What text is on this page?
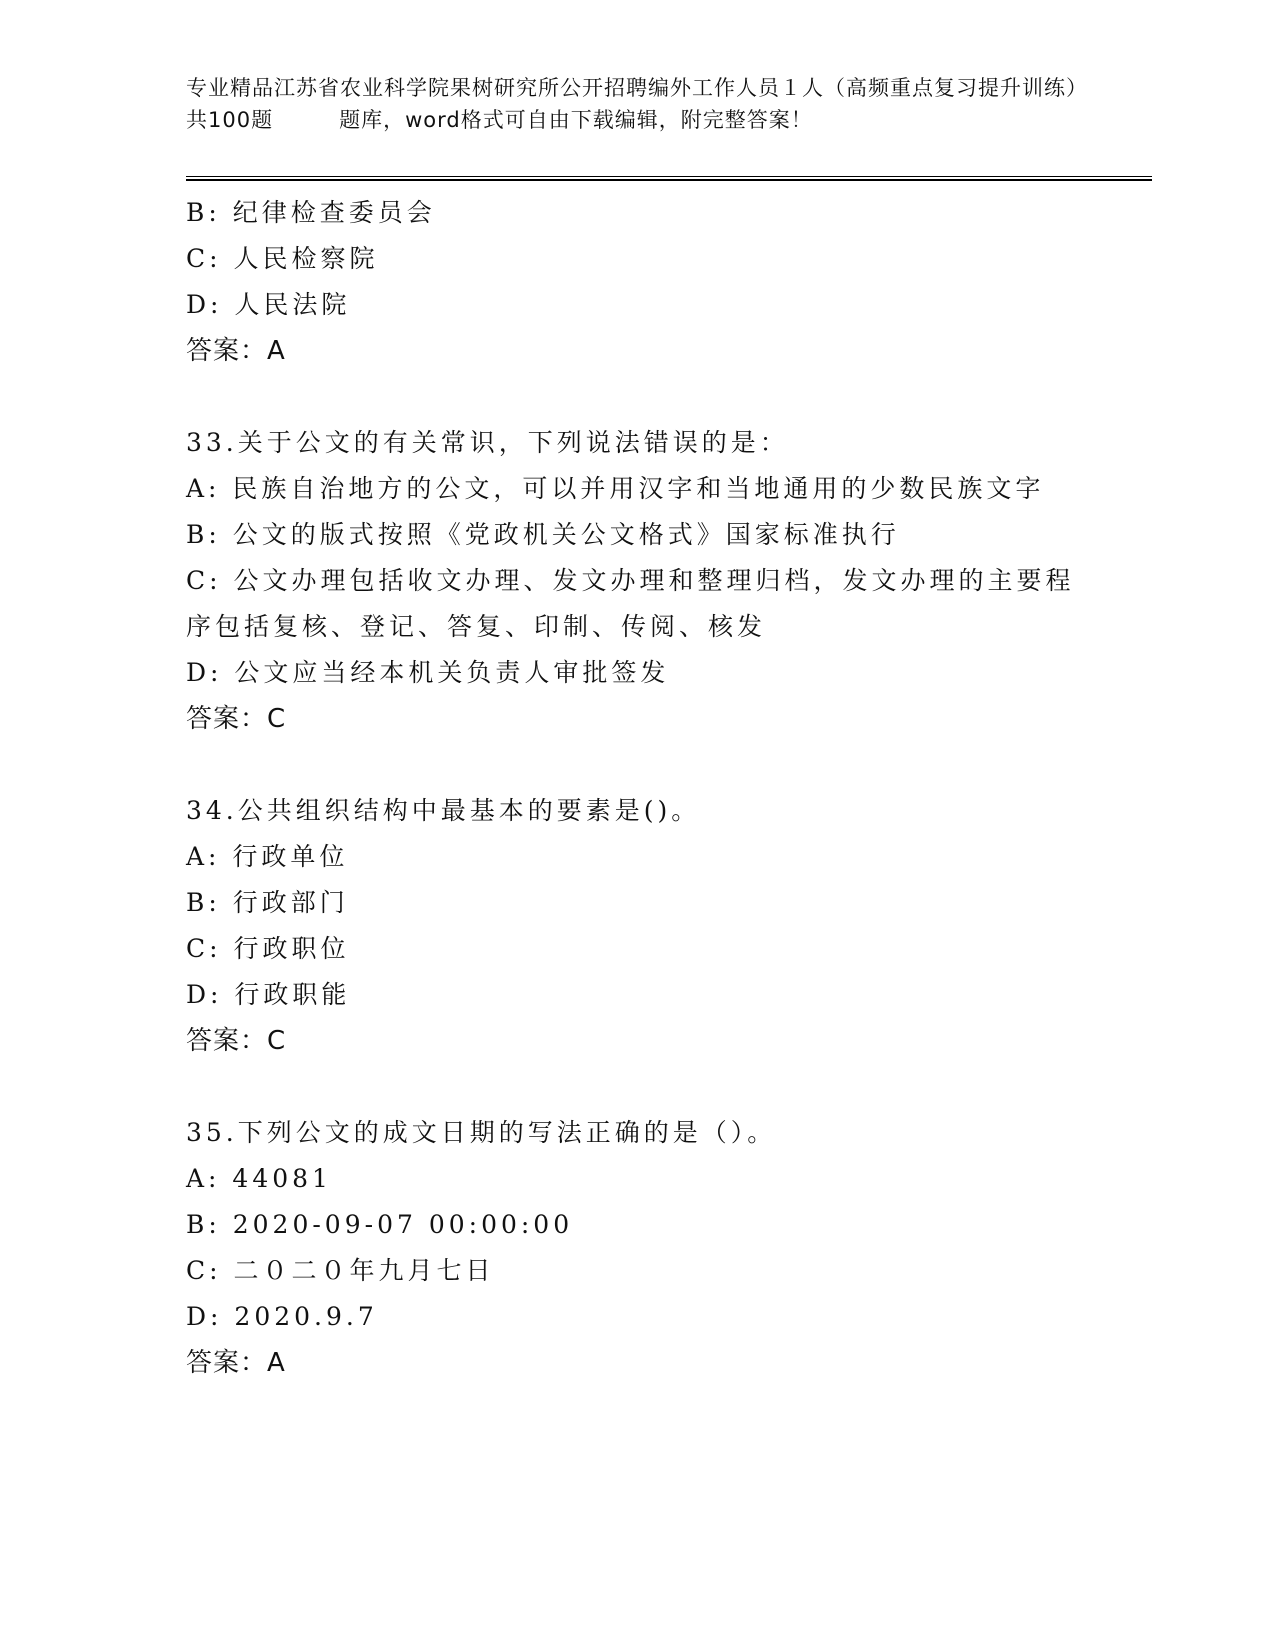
专业精品江苏省农业科学院果树研究所公开招聘编外工作人员１人（高频重点复习提升训练）共100题　　　题库，word格式可自由下载编辑，附完整答案！

B: 纪律检查委员会

C: 人民检察院

D: 人民法院

答案：A

33.关于公文的有关常识，下列说法错误的是：

A: 民族自治地方的公文，可以并用汉字和当地通用的少数民族文字

B: 公文的版式按照《党政机关公文格式》国家标准执行

C: 公文办理包括收文办理、发文办理和整理归档，发文办理的主要程

序包括复核、登记、答复、印制、传阅、核发

D: 公文应当经本机关负责人审批签发

答案：C

34.公共组织结构中最基本的要素是()。

A: 行政单位

B: 行政部门

C: 行政职位

D: 行政职能

答案：C

35.下列公文的成文日期的写法正确的是（）。

A: 44081

B: 2020-09-07 00:00:00

C: 二０二０年九月七日

D: 2020.9.7

答案：A
